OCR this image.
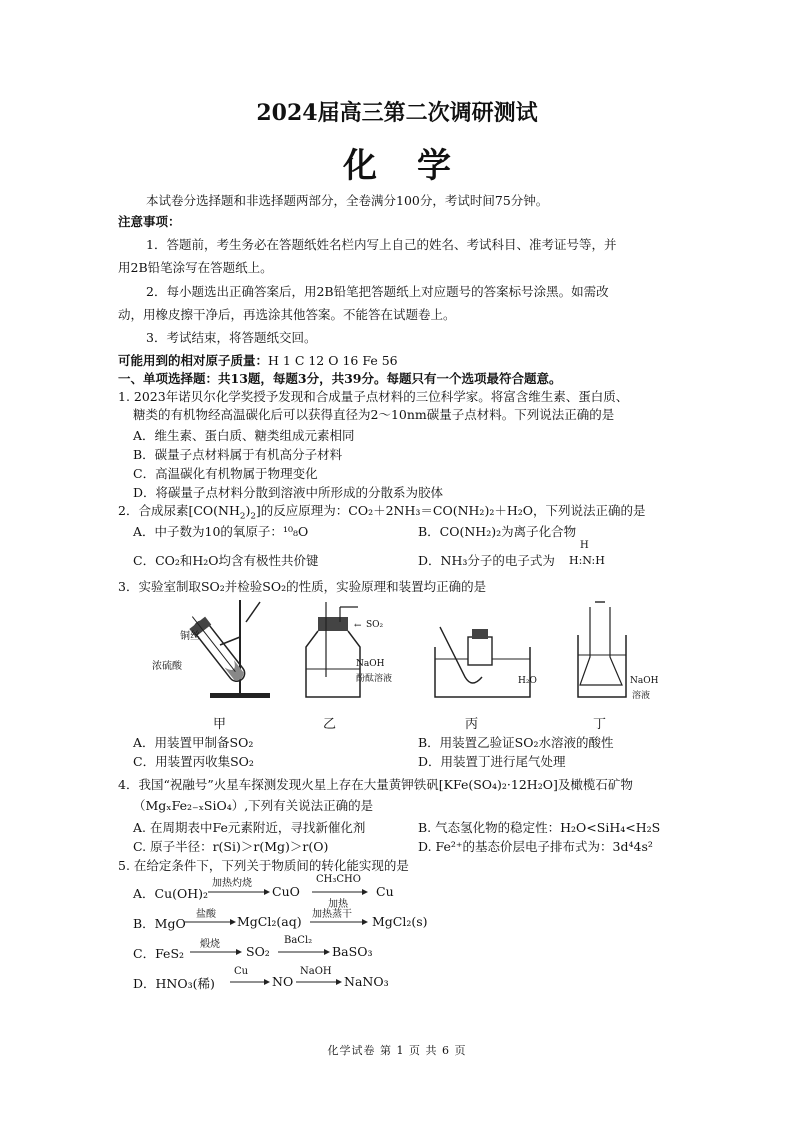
2024届高三第二次调研测试
化学
本试卷分选择题和非选择题两部分，全卷满分100分，考试时间75分钟。
注意事项：
1．答题前，考生务必在答题纸姓名栏内写上自己的姓名、考试科目、准考证号等，并
用2B铅笔涂写在答题纸上。
2．每小题选出正确答案后，用2B铅笔把答题纸上对应题号的答案标号涂黑。如需改
动，用橡皮擦干净后，再选涂其他答案。不能答在试题卷上。
3．考试结束，将答题纸交回。
可能用到的相对原子质量：H 1 C 12 O 16 Fe 56
一、单项选择题：共13题，每题3分，共39分。每题只有一个选项最符合题意。
1. 2023年诺贝尔化学奖授予发现和合成量子点材料的三位科学家。将富含维生素、蛋白质、
糖类的有机物经高温碳化后可以获得直径为2～10nm碳量子点材料。下列说法正确的是
A．维生素、蛋白质、糖类组成元素相同
B．碳量子点材料属于有机高分子材料
C．高温碳化有机物属于物理变化
D．将碳量子点材料分散到溶液中所形成的分散系为胶体
2．合成尿素$[CO(NH_2)_2]$的反应原理为：CO₂＋2NH₃＝CO(NH₂)₂＋H₂O，下列说法正确的是
A．中子数为10的氧原子：¹⁰₈O	B．CO(NH₂)₂为离子化合物
C．CO₂和H₂O均含有极性共价键	D．NH₃分子的电子式为
H
H:N:H
3．实验室制取SO₂并检验SO₂的性质，实验原理和装置均正确的是
铜丝
浓硫酸
← SO₂
NaOH
酚酞溶液	H₂O	NaOH
溶液
甲	乙	丙	丁
A．用装置甲制备SO₂	B．用装置乙验证SO₂水溶液的酸性
C．用装置丙收集SO₂	D．用装置丁进行尾气处理
4．我国“祝融号”火星车探测发现火星上存在大量黄钾铁矾[KFe(SO₄)₂·12H₂O]及橄榄石矿物
（MgₓFe₂₋ₓSiO₄）,下列有关说法正确的是
A. 在周期表中Fe元素附近，寻找新催化剂	B. 气态氢化物的稳定性：H₂O<SiH₄<H₂S
C. 原子半径：r(Si)＞r(Mg)＞r(O)	D. Fe²⁺的基态价层电子排布式为：3d⁴4s²
5. 在给定条件下，下列关于物质间的转化能实现的是
A．Cu(OH)₂
加热灼烧
CuO
CH₃CHO
加热
Cu
B．MgO
盐酸 MgCl₂(aq) 加热蒸干 MgCl₂(s)
C．FeS₂
煅烧 SO₂
BaCl₂
BaSO₃
D．HNO₃(稀)
Cu
NO
NaOH
NaNO₃
化学试卷 第 1 页 共 6 页
